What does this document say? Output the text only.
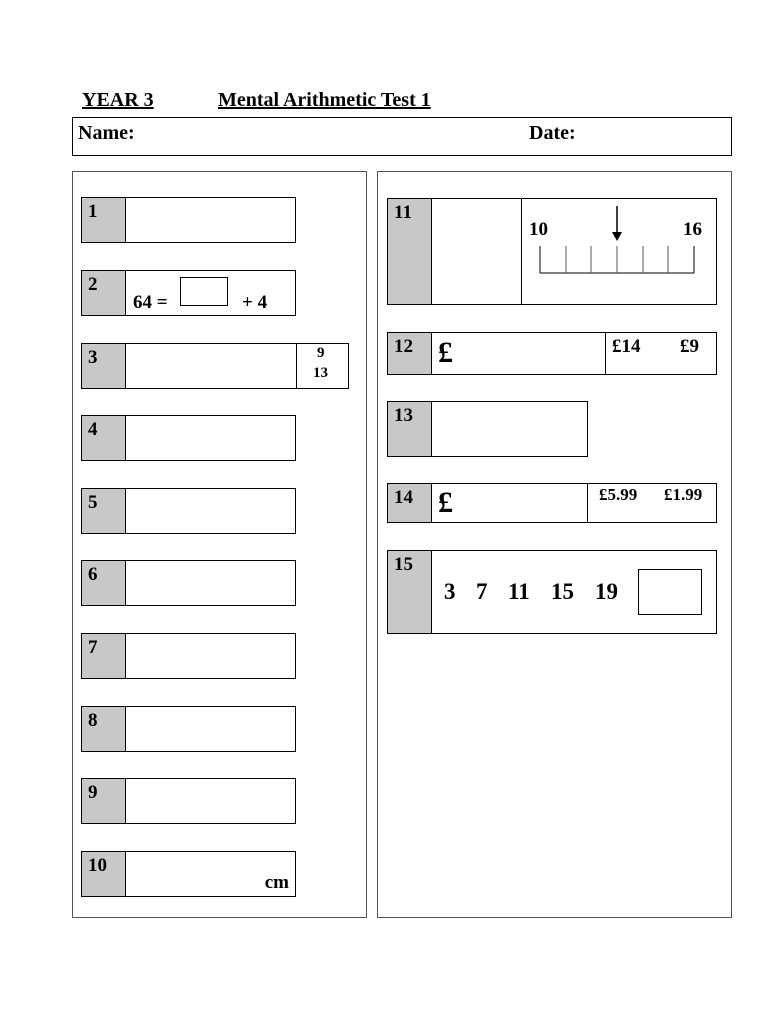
YEAR 3	Mental Arithmetic Test 1
Name:	Date:
1
2
64 =	+ 4
3	9
13
4
5
6
7
8
9
10
cm
11
10	16
12 £	£14 £9
13
14 £	£5.99 £1.99
15
3 7 11 15 19
